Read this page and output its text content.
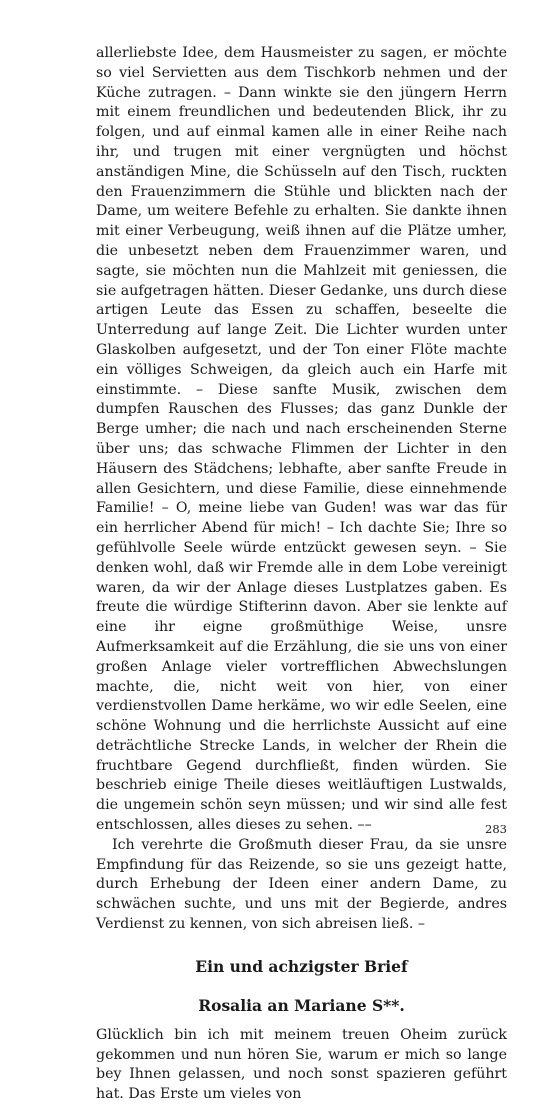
allerliebste Idee, dem Hausmeister zu sagen, er möchte so viel Servietten aus dem Tischkorb nehmen und der Küche zutragen. – Dann winkte sie den jüngern Herrn mit einem freundlichen und bedeutenden Blick, ihr zu folgen, und auf einmal kamen alle in einer Reihe nach ihr, und trugen mit einer vergnügten und höchst anständigen Mine, die Schüsseln auf den Tisch, ruckten den Frauenzimmern die Stühle und blickten nach der Dame, um weitere Befehle zu erhalten. Sie dankte ihnen mit einer Verbeugung, weiß ihnen auf die Plätze umher, die unbesetzt neben dem Frauenzimmer waren, und sagte, sie möchten nun die Mahlzeit mit geniessen, die sie aufgetragen hätten. Dieser Gedanke, uns durch diese artigen Leute das Essen zu schaffen, beseelte die Unterredung auf lange Zeit. Die Lichter wurden unter Glaskolben aufgesetzt, und der Ton einer Flöte machte ein völliges Schweigen, da gleich auch ein Harfe mit einstimmte. – Diese sanfte Musik, zwischen dem dumpfen Rauschen des Flusses; das ganz Dunkle der Berge umher; die nach und nach erscheinenden Sterne über uns; das schwache Flimmen der Lichter in den Häusern des Städchens; lebhafte, aber sanfte Freude in allen Gesichtern, und diese Familie, diese einnehmende Familie! – O, meine liebe van Guden! was war das für ein herrlicher Abend für mich! – Ich dachte Sie; Ihre so gefühlvolle Seele würde entzückt gewesen seyn. – Sie denken wohl, daß wir Fremde alle in dem Lobe vereinigt waren, da wir der Anlage dieses Lustplatzes gaben. Es freute die würdige Stifterinn davon. Aber sie lenkte auf eine ihr eigne großmüthige Weise, unsre Aufmerksamkeit auf die Erzählung, die sie uns von einer großen Anlage vieler vortrefflichen Abwechslungen machte, die, nicht weit von hier, von einer verdienstvollen Dame herkäme, wo wir edle Seelen, eine schöne Wohnung und die herrlichste Aussicht auf eine deträchtliche Strecke Lands, in welcher der Rhein die fruchtbare Gegend durchfließt, finden würden. Sie beschrieb einige Theile dieses weitläuftigen Lustwalds, die ungemein schön seyn müssen; und wir sind alle fest entschlossen, alles dieses zu sehen. ––

Ich verehrte die Großmuth dieser Frau, da sie unsre Empfindung für das Reizende, so sie uns gezeigt hatte, durch Erhebung der Ideen einer andern Dame, zu schwächen suchte, und uns mit der Begierde, andres Verdienst zu kennen, von sich abreisen ließ. –

Ein und achzigster Brief
Rosalia an Mariane S**.

Glücklich bin ich mit meinem treuen Oheim zurück gekommen und nun hören Sie, warum er mich so lange bey Ihnen gelassen, und noch sonst spazieren geführt hat. Das Erste um vieles von

283
